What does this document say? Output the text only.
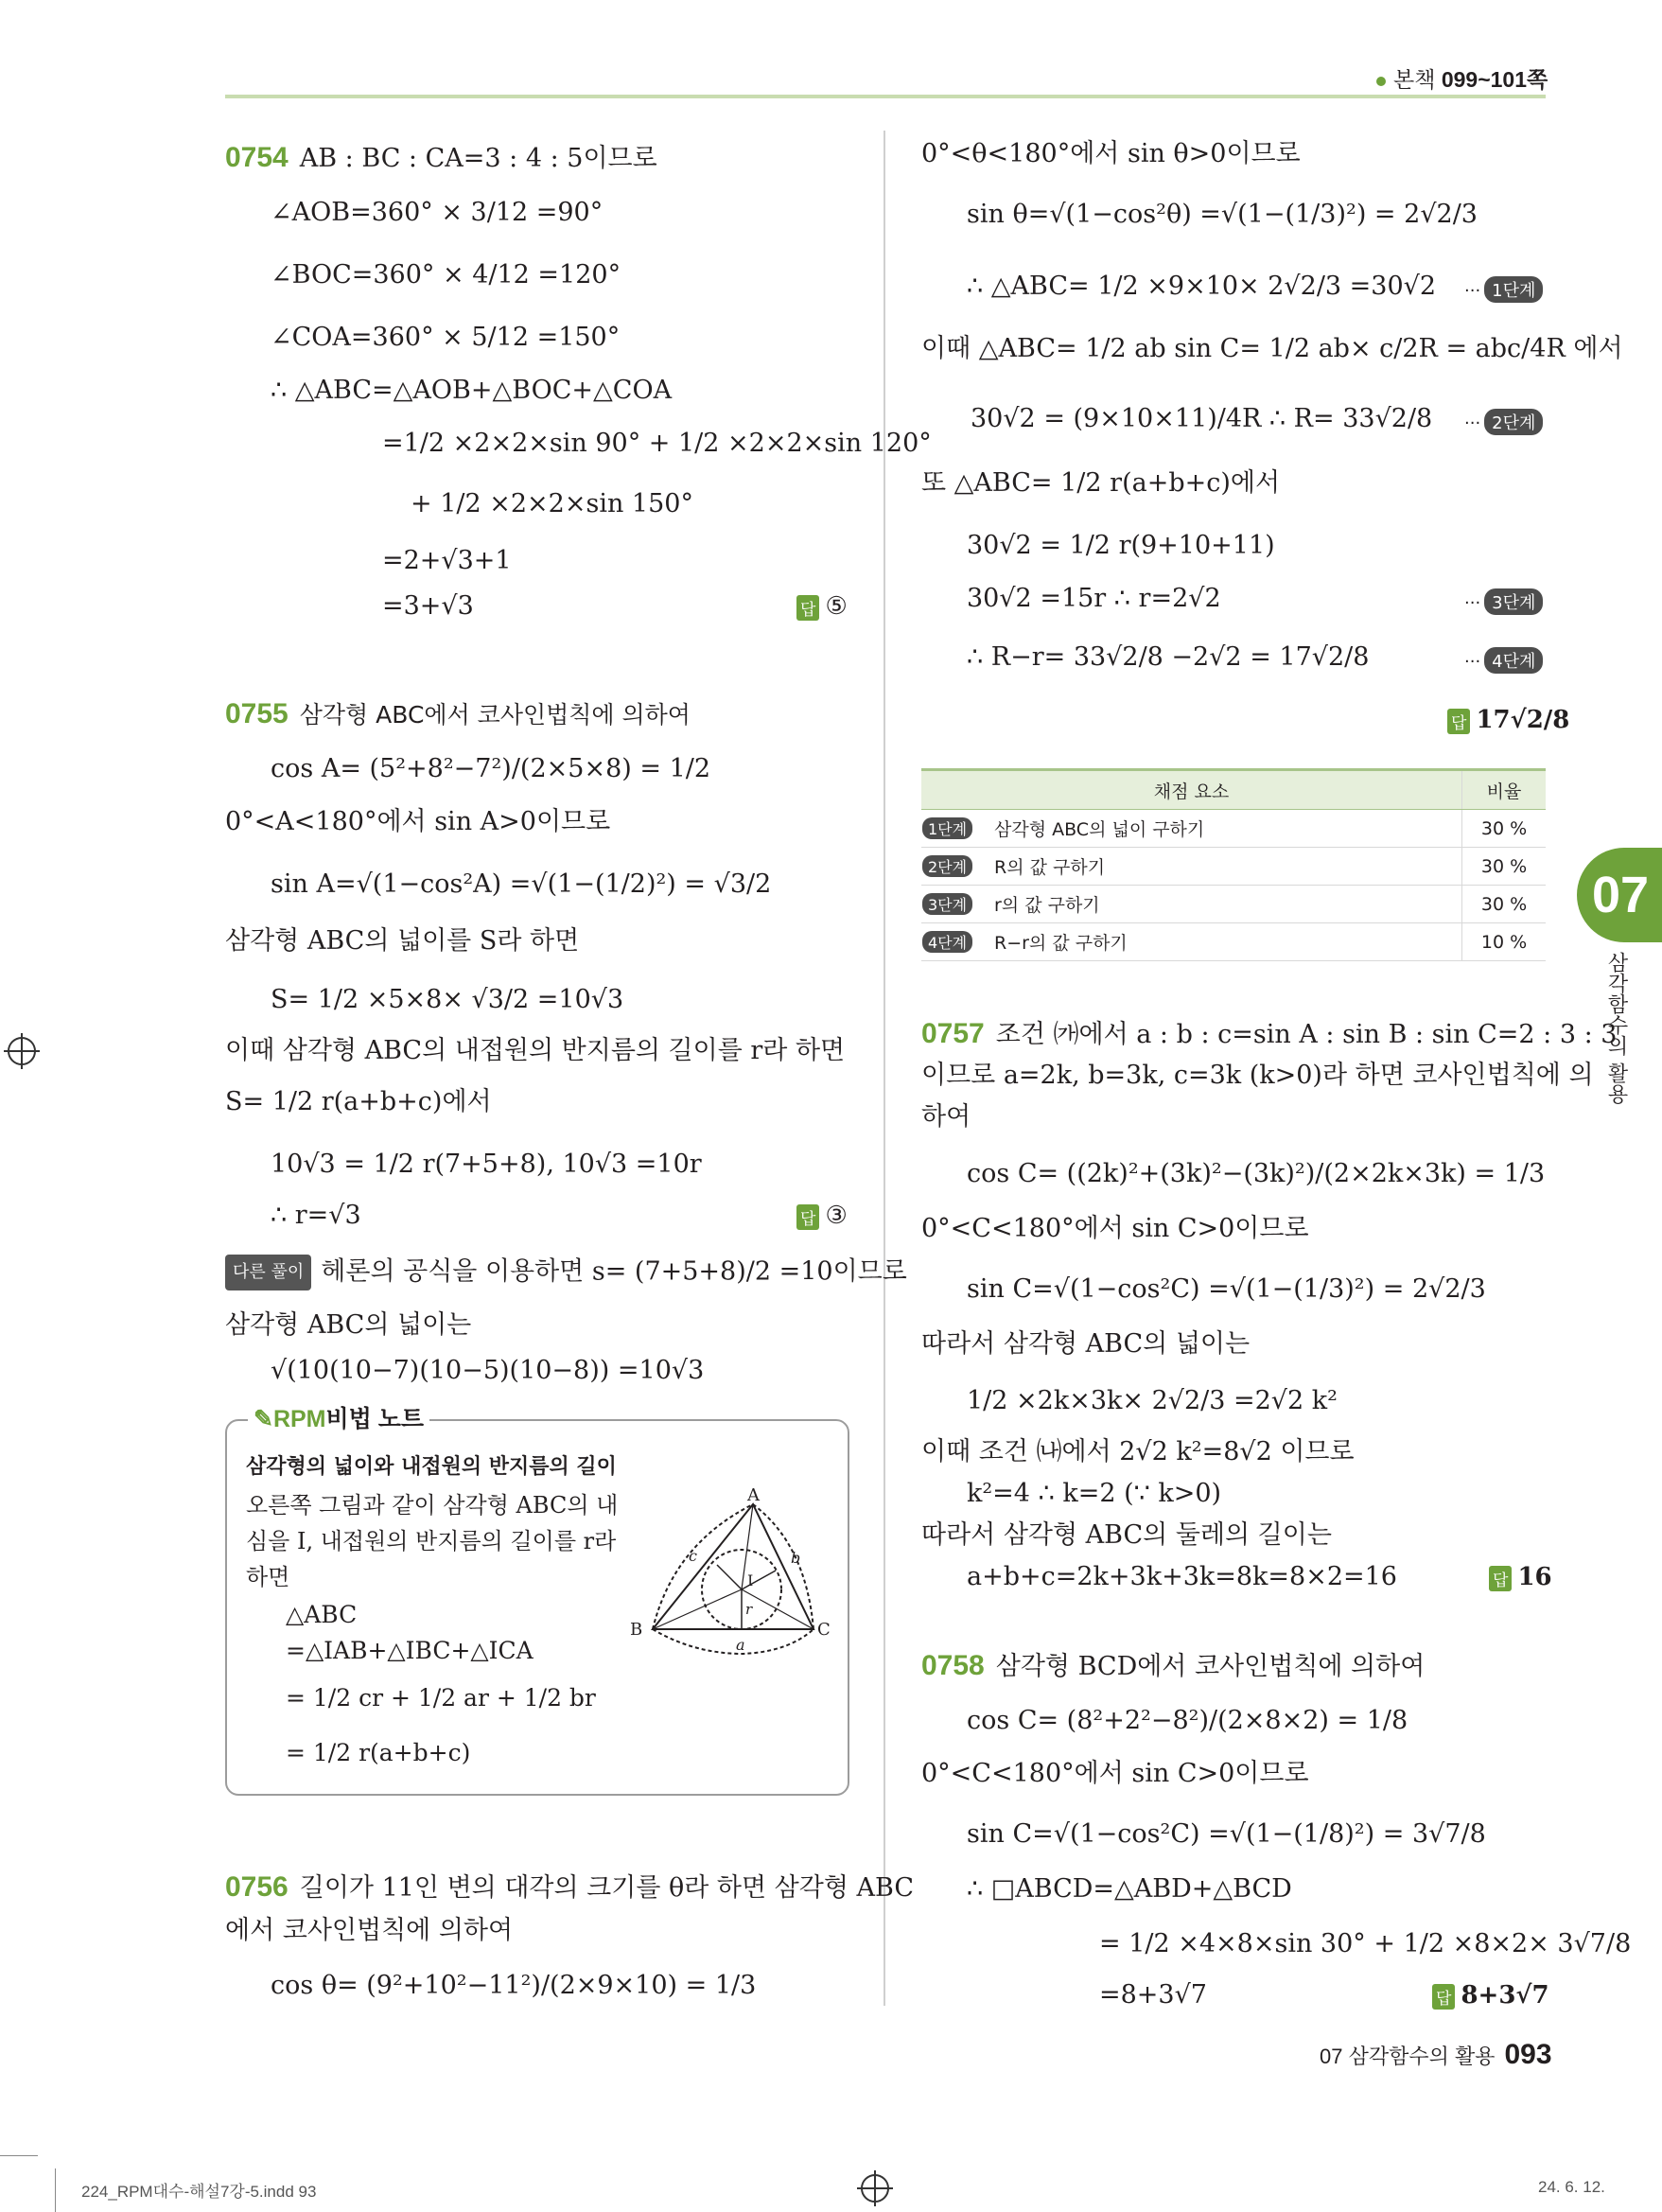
본책 099~101쪽
0754 AB : BC : CA=3 : 4 : 5이므로
∠AOB=360° × 3/12 =90°
∠BOC=360° × 4/12 =120°
∠COA=360° × 5/12 =150°
∴ △ABC=△AOB+△BOC+△COA
=1/2 ×2×2×sin 90° + 1/2 ×2×2×sin 120°
+ 1/2 ×2×2×sin 150°
=2+√3+1
=3+√3	답 ⑤
0755 삼각형 ABC에서 코사인법칙에 의하여
cos A= (5²+8²−7²)/(2×5×8) = 1/2
0°<A<180°에서 sin A>0이므로
sin A=√(1−cos²A) =√(1−(1/2)²) = √3/2
삼각형 ABC의 넓이를 S라 하면
S= 1/2 ×5×8× √3/2 =10√3
이때 삼각형 ABC의 내접원의 반지름의 길이를 r라 하면
S= 1/2 r(a+b+c)에서
10√3 = 1/2 r(7+5+8), 10√3 =10r
∴ r=√3	답 ③
다른 풀이 헤론의 공식을 이용하면 s= (7+5+8)/2 =10이므로
삼각형 ABC의 넓이는
√(10(10−7)(10−5)(10−8)) =10√3
✎RPM비법 노트
삼각형의 넓이와 내접원의 반지름의 길이
오른쪽 그림과 같이 삼각형 ABC의 내
심을 I, 내접원의 반지름의 길이를 r라
하면
△ABC
=△IAB+△IBC+△ICA
= 1/2 cr + 1/2 ar + 1/2 br
= 1/2 r(a+b+c)
A
B	C
I
a
b
c
r
0756 길이가 11인 변의 대각의 크기를 θ라 하면 삼각형 ABC
에서 코사인법칙에 의하여
cos θ= (9²+10²−11²)/(2×9×10) = 1/3
0°<θ<180°에서 sin θ>0이므로
sin θ=√(1−cos²θ) =√(1−(1/3)²) = 2√2/3
∴ △ABC= 1/2 ×9×10× 2√2/3 =30√2 ··· 1단계
이때 △ABC= 1/2 ab sin C= 1/2 ab× c/2R = abc/4R 에서
30√2 = (9×10×11)/4R ∴ R= 33√2/8 ··· 2단계
또 △ABC= 1/2 r(a+b+c)에서
30√2 = 1/2 r(9+10+11)
30√2 =15r ∴ r=2√2	··· 3단계
∴ R−r= 33√2/8 −2√2 = 17√2/8	··· 4단계
답 17√2/8
채점 요소		비율
1단계	삼각형 ABC의 넓이 구하기	30 %
2단계	R의 값 구하기	30 %
3단계	r의 값 구하기	30 %
4단계	R−r의 값 구하기	10 %
0757 조건 ㈎에서 a : b : c=sin A : sin B : sin C=2 : 3 : 3
이므로 a=2k, b=3k, c=3k (k>0)라 하면 코사인법칙에 의
하여
cos C= ((2k)²+(3k)²−(3k)²)/(2×2k×3k) = 1/3
0°<C<180°에서 sin C>0이므로
sin C=√(1−cos²C) =√(1−(1/3)²) = 2√2/3
따라서 삼각형 ABC의 넓이는
1/2 ×2k×3k× 2√2/3 =2√2 k²
이때 조건 ㈏에서 2√2 k²=8√2 이므로
k²=4 ∴ k=2 (∵ k>0)
따라서 삼각형 ABC의 둘레의 길이는
a+b+c=2k+3k+3k=8k=8×2=16	답 16
0758 삼각형 BCD에서 코사인법칙에 의하여
cos C= (8²+2²−8²)/(2×8×2) = 1/8
0°<C<180°에서 sin C>0이므로
sin C=√(1−cos²C) =√(1−(1/8)²) = 3√7/8
∴ □ABCD=△ABD+△BCD
= 1/2 ×4×8×sin 30° + 1/2 ×8×2× 3√7/8
=8+3√7	답 8+3√7
07
삼각함수의 활용
07 삼각함수의 활용 093
224_RPM대수-해설7강-5.indd 93	24. 6. 12.
